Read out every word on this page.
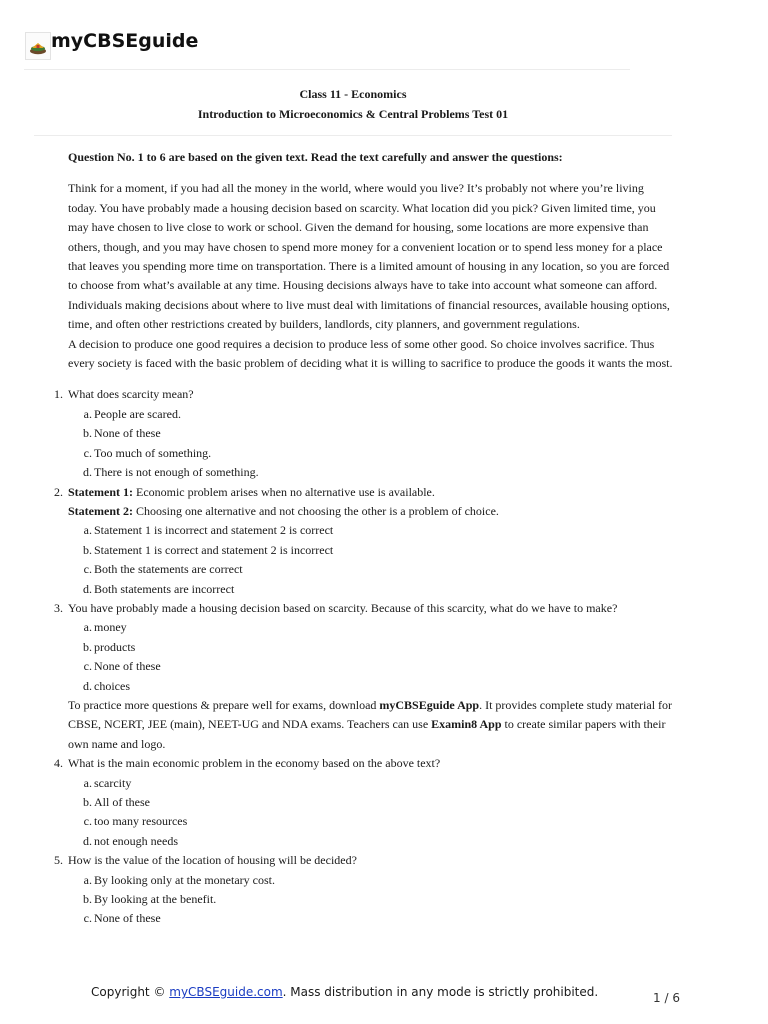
myCBSEguide
Class 11 - Economics
Introduction to Microeconomics & Central Problems Test 01

Question No. 1 to 6 are based on the given text. Read the text carefully and answer the questions:

Think for a moment, if you had all the money in the world, where would you live? It’s probably not where you’re living today. You have probably made a housing decision based on scarcity. What location did you pick? Given limited time, you may have chosen to live close to work or school. Given the demand for housing, some locations are more expensive than others, though, and you may have chosen to spend more money for a convenient location or to spend less money for a place that leaves you spending more time on transportation. There is a limited amount of housing in any location, so you are forced to choose from what’s available at any time. Housing decisions always have to take into account what someone can afford. Individuals making decisions about where to live must deal with limitations of financial resources, available housing options, time, and often other restrictions created by builders, landlords, city planners, and government regulations.

A decision to produce one good requires a decision to produce less of some other good. So choice involves sacrifice. Thus every society is faced with the basic problem of deciding what it is willing to sacrifice to produce the goods it wants the most.

1. What does scarcity mean?
a. People are scared.
b. None of these
c. Too much of something.
d. There is not enough of something.
2. Statement 1: Economic problem arises when no alternative use is available.
Statement 2: Choosing one alternative and not choosing the other is a problem of choice.
a. Statement 1 is incorrect and statement 2 is correct
b. Statement 1 is correct and statement 2 is incorrect
c. Both the statements are correct
d. Both statements are incorrect
3. You have probably made a housing decision based on scarcity. Because of this scarcity, what do we have to make?
a. money
b. products
c. None of these
d. choices
To practice more questions & prepare well for exams, download myCBSEguide App. It provides complete study material for CBSE, NCERT, JEE (main), NEET-UG and NDA exams. Teachers can use Examin8 App to create similar papers with their own name and logo.
4. What is the main economic problem in the economy based on the above text?
a. scarcity
b. All of these
c. too many resources
d. not enough needs
5. How is the value of the location of housing will be decided?
a. By looking only at the monetary cost.
b. By looking at the benefit.
c. None of these
Copyright © myCBSEguide.com. Mass distribution in any mode is strictly prohibited.	1 / 6
